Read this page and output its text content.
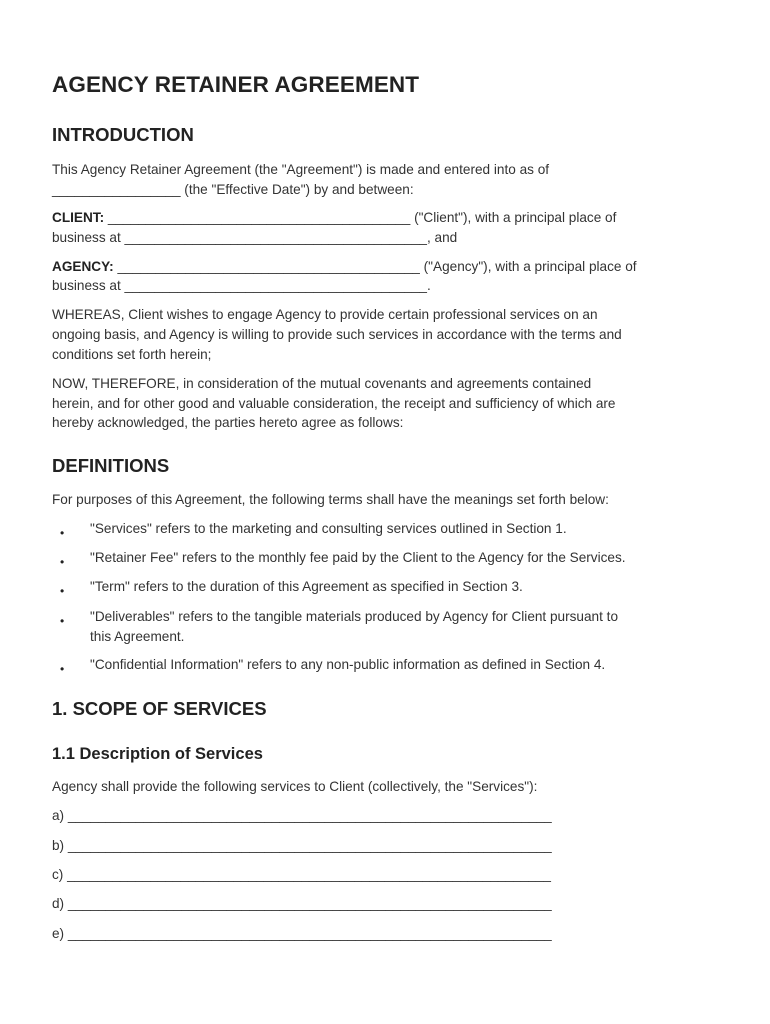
AGENCY RETAINER AGREEMENT
INTRODUCTION

This Agency Retainer Agreement (the "Agreement") is made and entered into as of

_________________ (the "Effective Date") by and between:

CLIENT: ________________________________________ ("Client"), with a principal place of

business at ________________________________________, and

AGENCY: ________________________________________ ("Agency"), with a principal place of

business at ________________________________________.

WHEREAS, Client wishes to engage Agency to provide certain professional services on an

ongoing basis, and Agency is willing to provide such services in accordance with the terms and

conditions set forth herein;

NOW, THEREFORE, in consideration of the mutual covenants and agreements contained

herein, and for other good and valuable consideration, the receipt and sufficiency of which are

hereby acknowledged, the parties hereto agree as follows:

DEFINITIONS

For purposes of this Agreement, the following terms shall have the meanings set forth below:

• "Services" refers to the marketing and consulting services outlined in Section 1.
• "Retainer Fee" refers to the monthly fee paid by the Client to the Agency for the Services.
• "Term" refers to the duration of this Agreement as specified in Section 3.
• "Deliverables" refers to the tangible materials produced by Agency for Client pursuant to
this Agreement.
• "Confidential Information" refers to any non-public information as defined in Section 4.
1. SCOPE OF SERVICES
1.1 Description of Services

Agency shall provide the following services to Client (collectively, the "Services"):

a) ________________________________________________________________
b) ________________________________________________________________
c) ________________________________________________________________
d) ________________________________________________________________
e) ________________________________________________________________
